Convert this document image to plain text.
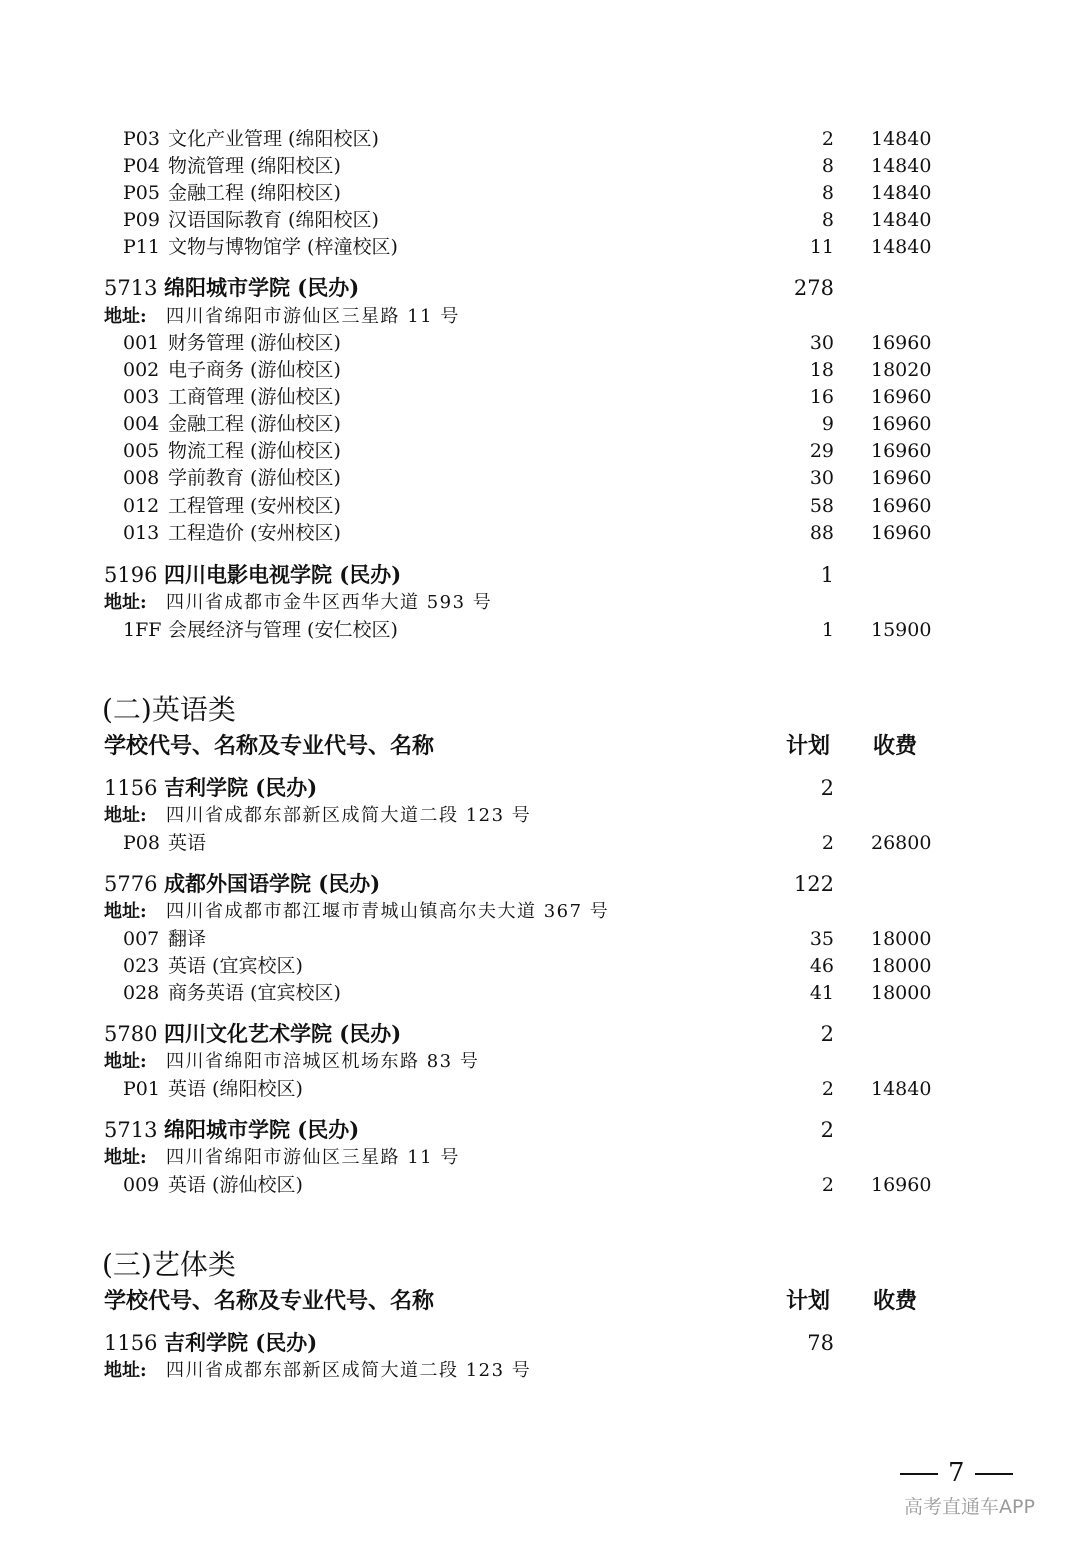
P03 文化产业管理 (绵阳校区)	2 14840
P04 物流管理 (绵阳校区)	8 14840
P05 金融工程 (绵阳校区)	8 14840
P09 汉语国际教育 (绵阳校区)	8 14840
P11 文物与博物馆学 (梓潼校区)	11 14840
5713 绵阳城市学院 (民办)	278
地址: 四川省绵阳市游仙区三星路 11 号
001 财务管理 (游仙校区)	30 16960
002 电子商务 (游仙校区)	18 18020
003 工商管理 (游仙校区)	16 16960
004 金融工程 (游仙校区)	9 16960
005 物流工程 (游仙校区)	29 16960
008 学前教育 (游仙校区)	30 16960
012 工程管理 (安州校区)	58 16960
013 工程造价 (安州校区)	88 16960
5196 四川电影电视学院 (民办)	1
地址: 四川省成都市金牛区西华大道 593 号
1FF 会展经济与管理 (安仁校区)	1 15900
(二)英语类
学校代号、名称及专业代号、名称	计划 收费
1156 吉利学院 (民办)	2
地址: 四川省成都东部新区成简大道二段 123 号
P08 英语	2 26800
5776 成都外国语学院 (民办)	122
地址: 四川省成都市都江堰市青城山镇高尔夫大道 367 号
007 翻译	35 18000
023 英语 (宜宾校区)	46 18000
028 商务英语 (宜宾校区)	41 18000
5780 四川文化艺术学院 (民办)	2
地址: 四川省绵阳市涪城区机场东路 83 号
P01 英语 (绵阳校区)	2 14840
5713 绵阳城市学院 (民办)	2
地址: 四川省绵阳市游仙区三星路 11 号
009 英语 (游仙校区)	2 16960
(三)艺体类
学校代号、名称及专业代号、名称	计划 收费
1156 吉利学院 (民办)	78
地址: 四川省成都东部新区成简大道二段 123 号
7
高考直通车APP
